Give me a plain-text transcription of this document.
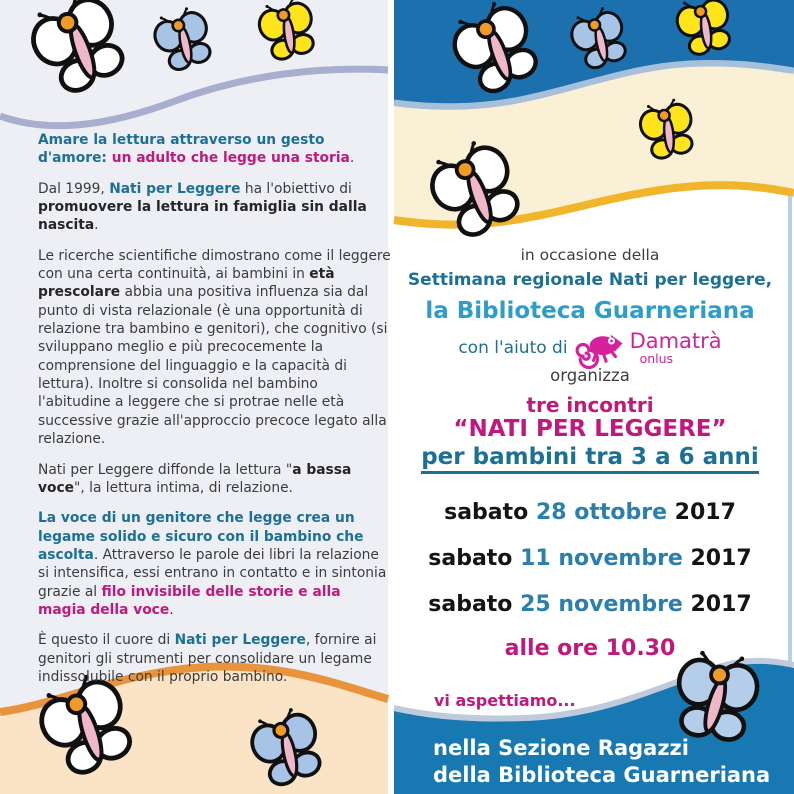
Amare la lettura attraverso un gesto d'amore: un adulto che legge una storia.

Dal 1999, Nati per Leggere ha l'obiettivo di promuovere la lettura in famiglia sin dalla nascita.

Le ricerche scientifiche dimostrano come il leggere con una certa continuità, ai bambini in età prescolare abbia una positiva influenza sia dal punto di vista relazionale (è una opportunità di relazione tra bambino e genitori), che cognitivo (si sviluppano meglio e più precocemente la comprensione del linguaggio e la capacità di lettura). Inoltre si consolida nel bambino l'abitudine a leggere che si protrae nelle età successive grazie all'approccio precoce legato alla relazione.

Nati per Leggere diffonde la lettura "a bassa voce", la lettura intima, di relazione.

La voce di un genitore che legge crea un legame solido e sicuro con il bambino che ascolta. Attraverso le parole dei libri la relazione si intensifica, essi entrano in contatto e in sintonia grazie al filo invisibile delle storie e alla magia della voce.

È questo il cuore di Nati per Leggere, fornire ai genitori gli strumenti per consolidare un legame indissolubile con il proprio bambino.

in occasione della
Settimana regionale Nati per leggere,
la Biblioteca Guarneriana
con l'aiuto di	Damatrà
onlus
organizza
tre incontri
“NATI PER LEGGERE”
per bambini tra 3 a 6 anni
sabato 28 ottobre 2017
sabato 11 novembre 2017
sabato 25 novembre 2017
alle ore 10.30
vi aspettiamo...
nella Sezione Ragazzi
della Biblioteca Guarneriana
